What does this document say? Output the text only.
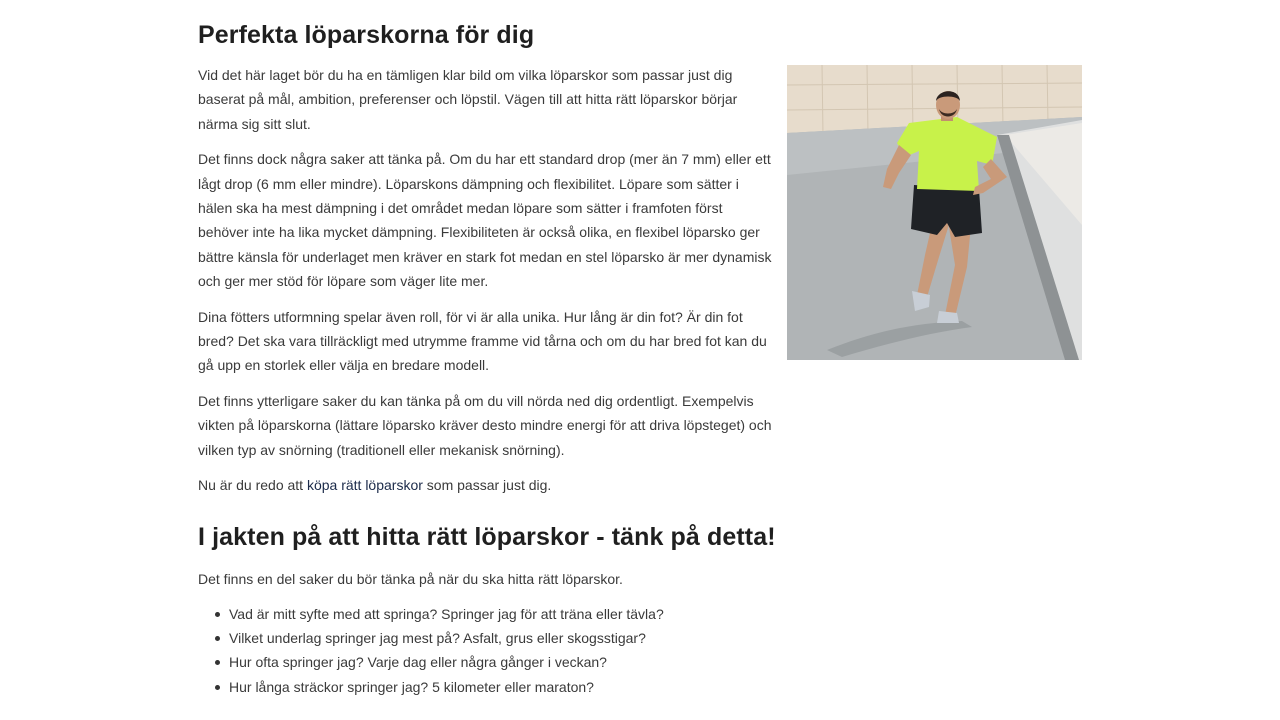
Perfekta löparskorna för dig

Vid det här laget bör du ha en tämligen klar bild om vilka löparskor som passar just dig baserat på mål, ambition, preferenser och löpstil. Vägen till att hitta rätt löparskor börjar närma sig sitt slut.

Det finns dock några saker att tänka på. Om du har ett standard drop (mer än 7 mm) eller ett lågt drop (6 mm eller mindre). Löparskons dämpning och flexibilitet. Löpare som sätter i hälen ska ha mest dämpning i det området medan löpare som sätter i framfoten först behöver inte ha lika mycket dämpning. Flexibiliteten är också olika, en flexibel löparsko ger bättre känsla för underlaget men kräver en stark fot medan en stel löparsko är mer dynamisk och ger mer stöd för löpare som väger lite mer.

Dina fötters utformning spelar även roll, för vi är alla unika. Hur lång är din fot? Är din fot bred? Det ska vara tillräckligt med utrymme framme vid tårna och om du har bred fot kan du gå upp en storlek eller välja en bredare modell.

Det finns ytterligare saker du kan tänka på om du vill nörda ned dig ordentligt. Exempelvis vikten på löparskorna (lättare löparsko kräver desto mindre energi för att driva löpsteget) och vilken typ av snörning (traditionell eller mekanisk snörning).

Nu är du redo att köpa rätt löparskor som passar just dig.

I jakten på att hitta rätt löparskor - tänk på detta!

Det finns en del saker du bör tänka på när du ska hitta rätt löparskor.

Vad är mitt syfte med att springa? Springer jag för att träna eller tävla?
Vilket underlag springer jag mest på? Asfalt, grus eller skogsstigar?
Hur ofta springer jag? Varje dag eller några gånger i veckan?
Hur långa sträckor springer jag? 5 kilometer eller maraton?
